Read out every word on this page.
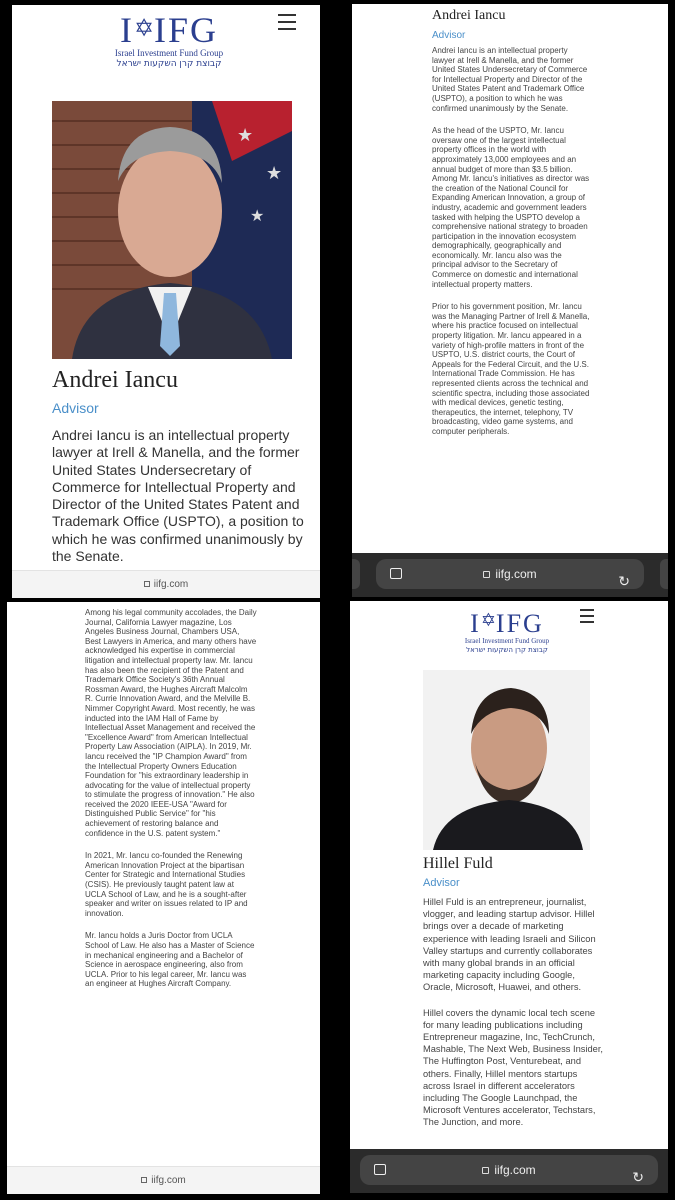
I✡IFG
Israel Investment Fund Group
קבוצת קרן השקעות ישראל
★
★
★
Andrei Iancu
Advisor
Andrei Iancu is an intellectual property lawyer at Irell & Manella, and the former United States Undersecretary of Commerce for Intellectual Property and Director of the United States Patent and Trademark Office (USPTO), a position to which he was confirmed unanimously by the Senate.
iifg.com
Andrei Iancu
Advisor

Andrei Iancu is an intellectual property lawyer at Irell & Manella, and the former United States Undersecretary of Commerce for Intellectual Property and Director of the United States Patent and Trademark Office (USPTO), a position to which he was confirmed unanimously by the Senate.

As the head of the USPTO, Mr. Iancu oversaw one of the largest intellectual property offices in the world with approximately 13,000 employees and an annual budget of more than $3.5 billion. Among Mr. Iancu's initiatives as director was the creation of the National Council for Expanding American Innovation, a group of industry, academic and government leaders tasked with helping the USPTO develop a comprehensive national strategy to broaden participation in the innovation ecosystem demographically, geographically and economically. Mr. Iancu also was the principal advisor to the Secretary of Commerce on domestic and international intellectual property matters.

Prior to his government position, Mr. Iancu was the Managing Partner of Irell & Manella, where his practice focused on intellectual property litigation. Mr. Iancu appeared in a variety of high-profile matters in front of the USPTO, U.S. district courts, the Court of Appeals for the Federal Circuit, and the U.S. International Trade Commission. He has represented clients across the technical and scientific spectra, including those associated with medical devices, genetic testing, therapeutics, the internet, telephony, TV broadcasting, video game systems, and computer peripherals.

iifg.com	↻

Among his legal community accolades, the Daily Journal, California Lawyer magazine, Los Angeles Business Journal, Chambers USA, Best Lawyers in America, and many others have acknowledged his expertise in commercial litigation and intellectual property law. Mr. Iancu has also been the recipient of the Patent and Trademark Office Society's 36th Annual Rossman Award, the Hughes Aircraft Malcolm R. Currie Innovation Award, and the Melville B. Nimmer Copyright Award. Most recently, he was inducted into the IAM Hall of Fame by Intellectual Asset Management and received the "Excellence Award" from American Intellectual Property Law Association (AIPLA). In 2019, Mr. Iancu received the "IP Champion Award" from the Intellectual Property Owners Education Foundation for "his extraordinary leadership in advocating for the value of intellectual property to stimulate the progress of innovation." He also received the 2020 IEEE-USA "Award for Distinguished Public Service" for "his achievement of restoring balance and confidence in the U.S. patent system."

In 2021, Mr. Iancu co-founded the Renewing American Innovation Project at the bipartisan Center for Strategic and International Studies (CSIS). He previously taught patent law at UCLA School of Law, and he is a sought-after speaker and writer on issues related to IP and innovation.

Mr. Iancu holds a Juris Doctor from UCLA School of Law. He also has a Master of Science in mechanical engineering and a Bachelor of Science in aerospace engineering, also from UCLA. Prior to his legal career, Mr. Iancu was an engineer at Hughes Aircraft Company.

iifg.com
I✡IFG
Israel Investment Fund Group
קבוצת קרן השקעות ישראל
Hillel Fuld
Advisor

Hillel Fuld is an entrepreneur, journalist, vlogger, and leading startup advisor. Hillel brings over a decade of marketing experience with leading Israeli and Silicon Valley startups and currently collaborates with many global brands in an official marketing capacity including Google, Oracle, Microsoft, Huawei, and others.

Hillel covers the dynamic local tech scene for many leading publications including Entrepreneur magazine, Inc, TechCrunch, Mashable, The Next Web, Business Insider, The Huffington Post, Venturebeat, and others. Finally, Hillel mentors startups across Israel in different accelerators including The Google Launchpad, the Microsoft Ventures accelerator, Techstars, The Junction, and more.

iifg.com	↻
